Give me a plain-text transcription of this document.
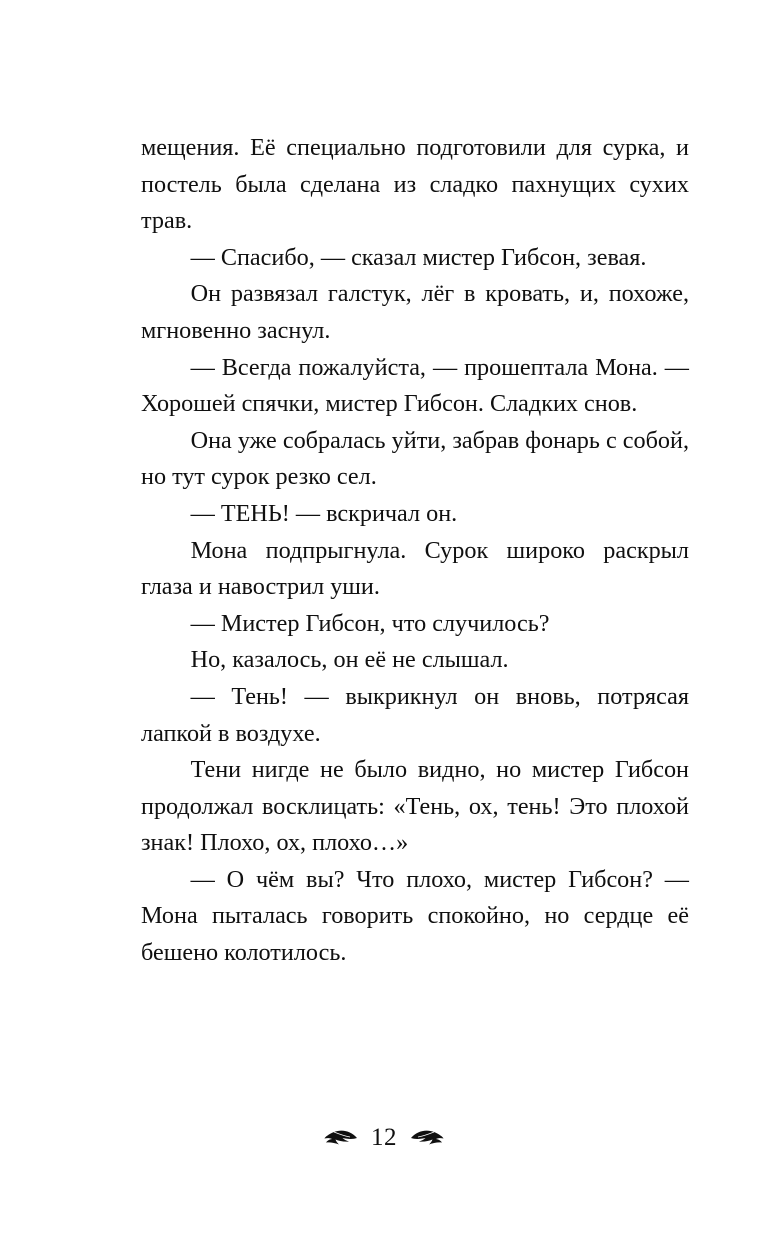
мещения. Её специально подготовили для сурка, и постель была сделана из сладко пахнущих сухих трав.

— Спасибо, — сказал мистер Гибсон, зевая.

Он развязал галстук, лёг в кровать, и, похоже, мгновенно заснул.

— Всегда пожалуйста, — прошептала Мона. — Хорошей спячки, мистер Гибсон. Сладких снов.

Она уже собралась уйти, забрав фонарь с собой, но тут сурок резко сел.

— ТЕНЬ! — вскричал он.

Мона подпрыгнула. Сурок широко раскрыл глаза и навострил уши.

— Мистер Гибсон, что случилось?

Но, казалось, он её не слышал.

— Тень! — выкрикнул он вновь, потрясая лапкой в воздухе.

Тени нигде не было видно, но мистер Гибсон продолжал восклицать: «Тень, ох, тень! Это плохой знак! Плохо, ох, плохо…»

— О чём вы? Что плохо, мистер Гибсон? — Мона пыталась говорить спокойно, но сердце её бешено колотилось.

12
